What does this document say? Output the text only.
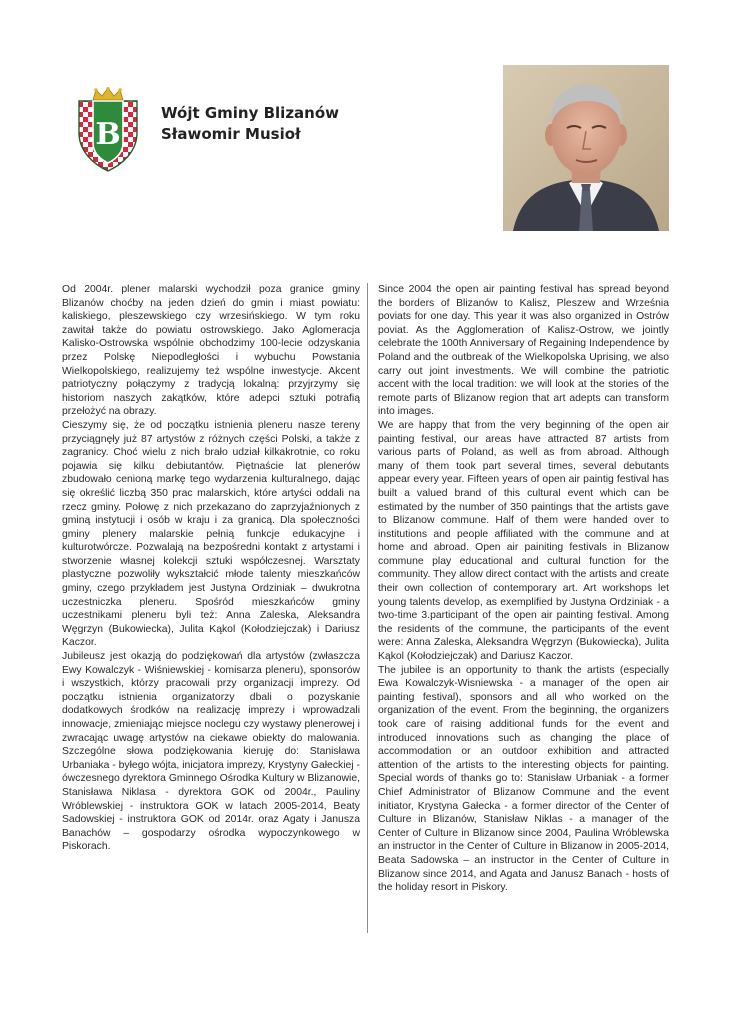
B
Wójt Gminy Blizanów
Sławomir Musioł

Od 2004r. plener malarski wychodził poza granice gminy Blizanów choćby na jeden dzień do gmin i miast powiatu: kaliskiego, pleszewskiego czy wrzesińskiego. W tym roku zawitał także do powiatu ostrowskiego. Jako Aglomeracja Kalisko-Ostrowska wspólnie obchodzimy 100-lecie odzyskania przez Polskę Niepodległości i wybuchu Powstania Wielkopolskiego, realizujemy też wspólne inwestycje. Akcent patriotyczny połączymy z tradycją lokalną: przyjrzymy się historiom naszych zakątków, które adepci sztuki potrafią przełożyć na obrazy.

Cieszymy się, że od początku istnienia pleneru nasze tereny przyciągnęły już 87 artystów z różnych części Polski, a także z zagranicy. Choć wielu z nich brało udział kilkakrotnie, co roku pojawia się kilku debiutantów. Piętnaście lat plenerów zbudowało cenioną markę tego wydarzenia kulturalnego, dając się określić liczbą 350 prac malarskich, które artyści oddali na rzecz gminy. Połowę z nich przekazano do zaprzyjaźnionych z gminą instytucji i osób w kraju i za granicą. Dla społeczności gminy plenery malarskie pełnią funkcje edukacyjne i kulturotwórcze. Pozwalają na bezpośredni kontakt z artystami i stworzenie własnej kolekcji sztuki współczesnej. Warsztaty plastyczne pozwoliły wykształcić młode talenty mieszkańców gminy, czego przykładem jest Justyna Ordziniak – dwukrotna uczestniczka pleneru. Spośród mieszkańców gminy uczestnikami pleneru byli też: Anna Zaleska, Aleksandra Węgrzyn (Bukowiecka), Julita Kąkol (Kołodziejczak) i Dariusz Kaczor.

Jubileusz jest okazją do podziękowań dla artystów (zwłaszcza Ewy Kowalczyk - Wiśniewskiej - komisarza pleneru), sponsorów i wszystkich, którzy pracowali przy organizacji imprezy. Od początku istnienia organizatorzy dbali o pozyskanie dodatkowych środków na realizację imprezy i wprowadzali innowacje, zmieniając miejsce noclegu czy wystawy plenerowej i zwracając uwagę artystów na ciekawe obiekty do malowania. Szczególne słowa podziękowania kieruję do: Stanisława Urbaniaka - byłego wójta, inicjatora imprezy, Krystyny Gałeckiej - ówczesnego dyrektora Gminnego Ośrodka Kultury w Blizanowie, Stanisława Niklasa - dyrektora GOK od 2004r., Pauliny Wróblewskiej - instruktora GOK w latach 2005-2014, Beaty Sadowskiej - instruktora GOK od 2014r. oraz Agaty i Janusza Banachów – gospodarzy ośrodka wypoczynkowego w Piskorach.

Since 2004 the open air painting festival has spread beyond the borders of Blizanów to Kalisz, Pleszew and Września poviats for one day. This year it was also organized in Ostrów poviat. As the Agglomeration of Kalisz-Ostrow, we jointly celebrate the 100th Anniversary of Regaining Independence by Poland and the outbreak of the Wielkopolska Uprising, we also carry out joint investments. We will combine the patriotic accent with the local tradition: we will look at the stories of the remote parts of Blizanow region that art adepts can transform into images.

We are happy that from the very beginning of the open air painting festival, our areas have attracted 87 artists from various parts of Poland, as well as from abroad. Although many of them took part several times, several debutants appear every year. Fifteen years of open air paintig festival has built a valued brand of this cultural event which can be estimated by the number of 350 paintings that the artists gave to Blizanow commune. Half of them were handed over to institutions and people affiliated with the commune and at home and abroad. Open air painiting festivals in Blizanow commune play educational and cultural function for the community. They allow direct contact with the artists and create their own collection of contemporary art. Art workshops let young talents develop, as exemplified by Justyna Ordziniak - a two-time 3.participant of the open air painting festival. Among the residents of the commune, the participants of the event were: Anna Zaleska, Aleksandra Węgrzyn (Bukowiecka), Julita Kąkol (Kołodziejczak) and Dariusz Kaczor.

The jubilee is an opportunity to thank the artists (especially Ewa Kowalczyk-Wisniewska - a manager of the open air painting festival), sponsors and all who worked on the organization of the event. From the beginning, the organizers took care of raising additional funds for the event and introduced innovations such as changing the place of accommodation or an outdoor exhibition and attracted attention of the artists to the interesting objects for painting. Special words of thanks go to: Stanisław Urbaniak - a former Chief Administrator of Blizanow Commune and the event initiator, Krystyna Gałecka - a former director of the Center of Culture in Blizanów, Stanisław Niklas - a manager of the Center of Culture in Blizanow since 2004, Paulina Wróblewska an instructor in the Center of Culture in Blizanow in 2005-2014, Beata Sadowska – an instructor in the Center of Culture in Blizanow since 2014, and Agata and Janusz Banach - hosts of the holiday resort in Piskory.
